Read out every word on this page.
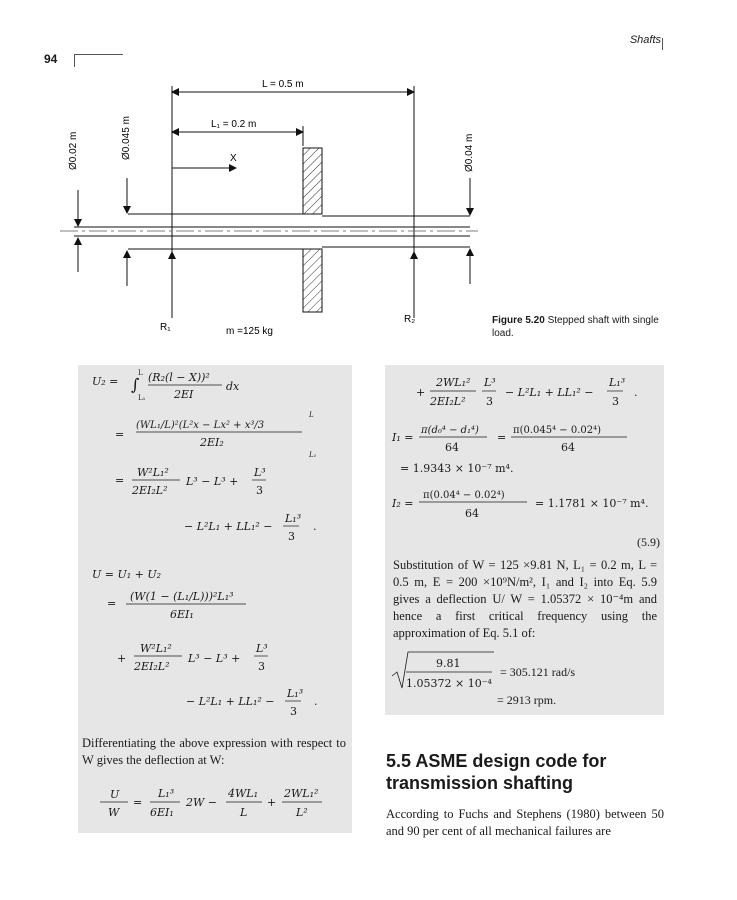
94
Shafts
L = 0.5 m
L₁ = 0.2 m
X
Ø0.02 m	Ø0.045 m	Ø0.04 m
R₁
R₂
m =125 kg
Figure 5.20 Stepped shaft with single load.
U₂ = ∫
L
L₁
(R₂(l − X))²
2EI
dx
=
(WL₁/L)²(L²x − Lx² + x³/3
2EI₂
L
L₁
=
W²L₁²
2EI₂L²
L³ − L³ +
L³
3
− L²L₁ + LL₁² −
L₁³
3
.
U = U₁ + U₂
=
(W(1 − (L₁/L)))²L₁³
6EI₁
+
W²L₁²
2EI₂L²
L³ − L³ +
L³
3
− L²L₁ + LL₁² −
L₁³
3
.
U
W
=
L₁³
6EI₁
2W −
4WL₁
L
+
2WL₁²
L²
Differentiating the above expression with respect to W gives the deflection at W:
+
2WL₁²
2EI₂L²
L³
3
− L²L₁ + LL₁² −
L₁³
3
.
I₁ =
π(d₀⁴ − d₁⁴)
64
=
π(0.045⁴ − 0.02⁴)
64
= 1.9343 × 10⁻⁷ m⁴.
I₂ =
π(0.04⁴ − 0.02⁴)
64
= 1.1781 × 10⁻⁷ m⁴.
(5.9)
9.81
1.05372 × 10⁻⁴
= 305.121 rad/s
= 2913 rpm.
Substitution of W = 125 ×9.81 N, L₁ = 0.2 m, L = 0.5 m, E = 200 ×10⁹N/m², I₁ and I₂ into Eq. 5.9 gives a deflection U/ W = 1.05372 × 10⁻⁴m and hence a first critical frequency using the approximation of Eq. 5.1 of:
5.5 ASME design code for transmission shafting
According to Fuchs and Stephens (1980) between 50 and 90 per cent of all mechanical failures are
